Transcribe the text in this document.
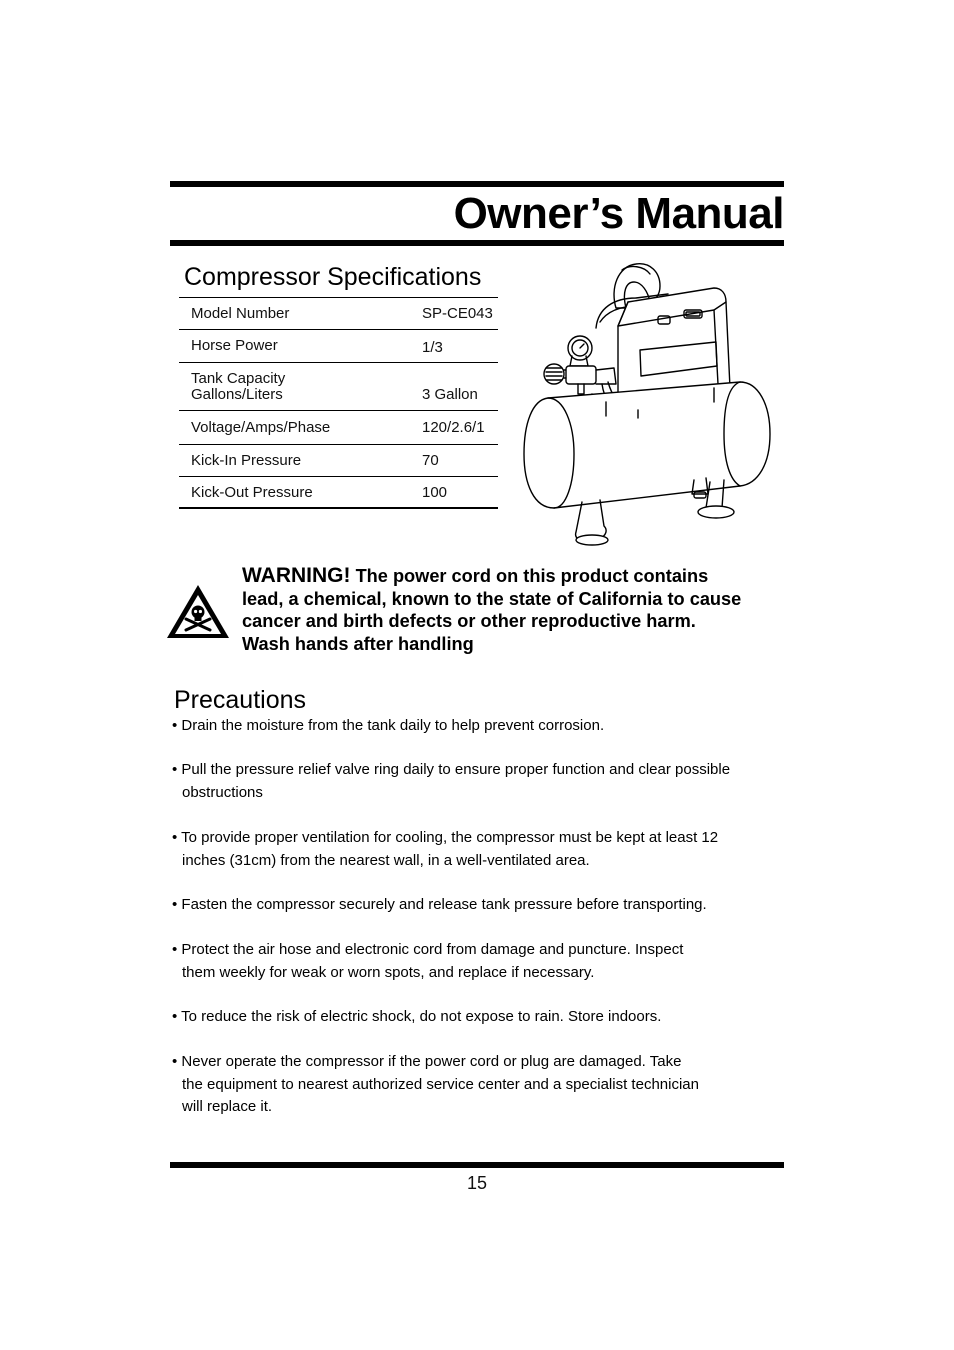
Owner’s Manual
Compressor Specifications
Model Number	SP-CE043
Horse Power	1/3
Tank Capacity
Gallons/Liters	3 Gallon
Voltage/Amps/Phase	120/2.6/1
Kick-In Pressure	70
Kick-Out Pressure	100
WARNING! The power cord on this product contains
lead, a chemical, known to the state of California to cause
cancer and birth defects or other reproductive harm.
Wash hands after handling
Precautions
• Drain the moisture from the tank daily to help prevent corrosion.
• Pull the pressure relief valve ring daily to ensure proper function and clear possible
obstructions
• To provide proper ventilation for cooling, the compressor must be kept at least 12
inches (31cm) from the nearest wall, in a well-ventilated area.
• Fasten the compressor securely and release tank pressure before transporting.
• Protect the air hose and electronic cord from damage and puncture. Inspect
them weekly for weak or worn spots, and replace if necessary.
• To reduce the risk of electric shock, do not expose to rain. Store indoors.
• Never operate the compressor if the power cord or plug are damaged. Take
the equipment to nearest authorized service center and a specialist technician
will replace it.
15
